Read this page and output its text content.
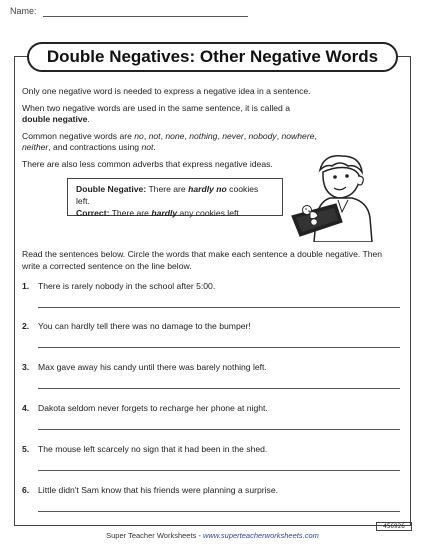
Name:
Double Negatives: Other Negative Words

Only one negative word is needed to express a negative idea in a sentence.

When two negative words are used in the same sentence, it is called a
double negative.

Common negative words are no, not, none, nothing, never, nobody, nowhere,
neither, and contractions using not.

There are also less common adverbs that express negative ideas.

Double Negative: There are hardly no cookies left.
Correct: There are hardly any cookies left.
Read the sentences below. Circle the words that make each sentence a double negative. Then write a corrected sentence on the line below.
1. There is rarely nobody in the school after 5:00.
2. You can hardly tell there was no damage to the bumper!
3. Max gave away his candy until there was barely nothing left.
4. Dakota seldom never forgets to recharge her phone at night.
5. The mouse left scarcely no sign that it had been in the shed.
6. Little didn't Sam know that his friends were planning a surprise.
456926
Super Teacher Worksheets - www.superteacherworksheets.com
